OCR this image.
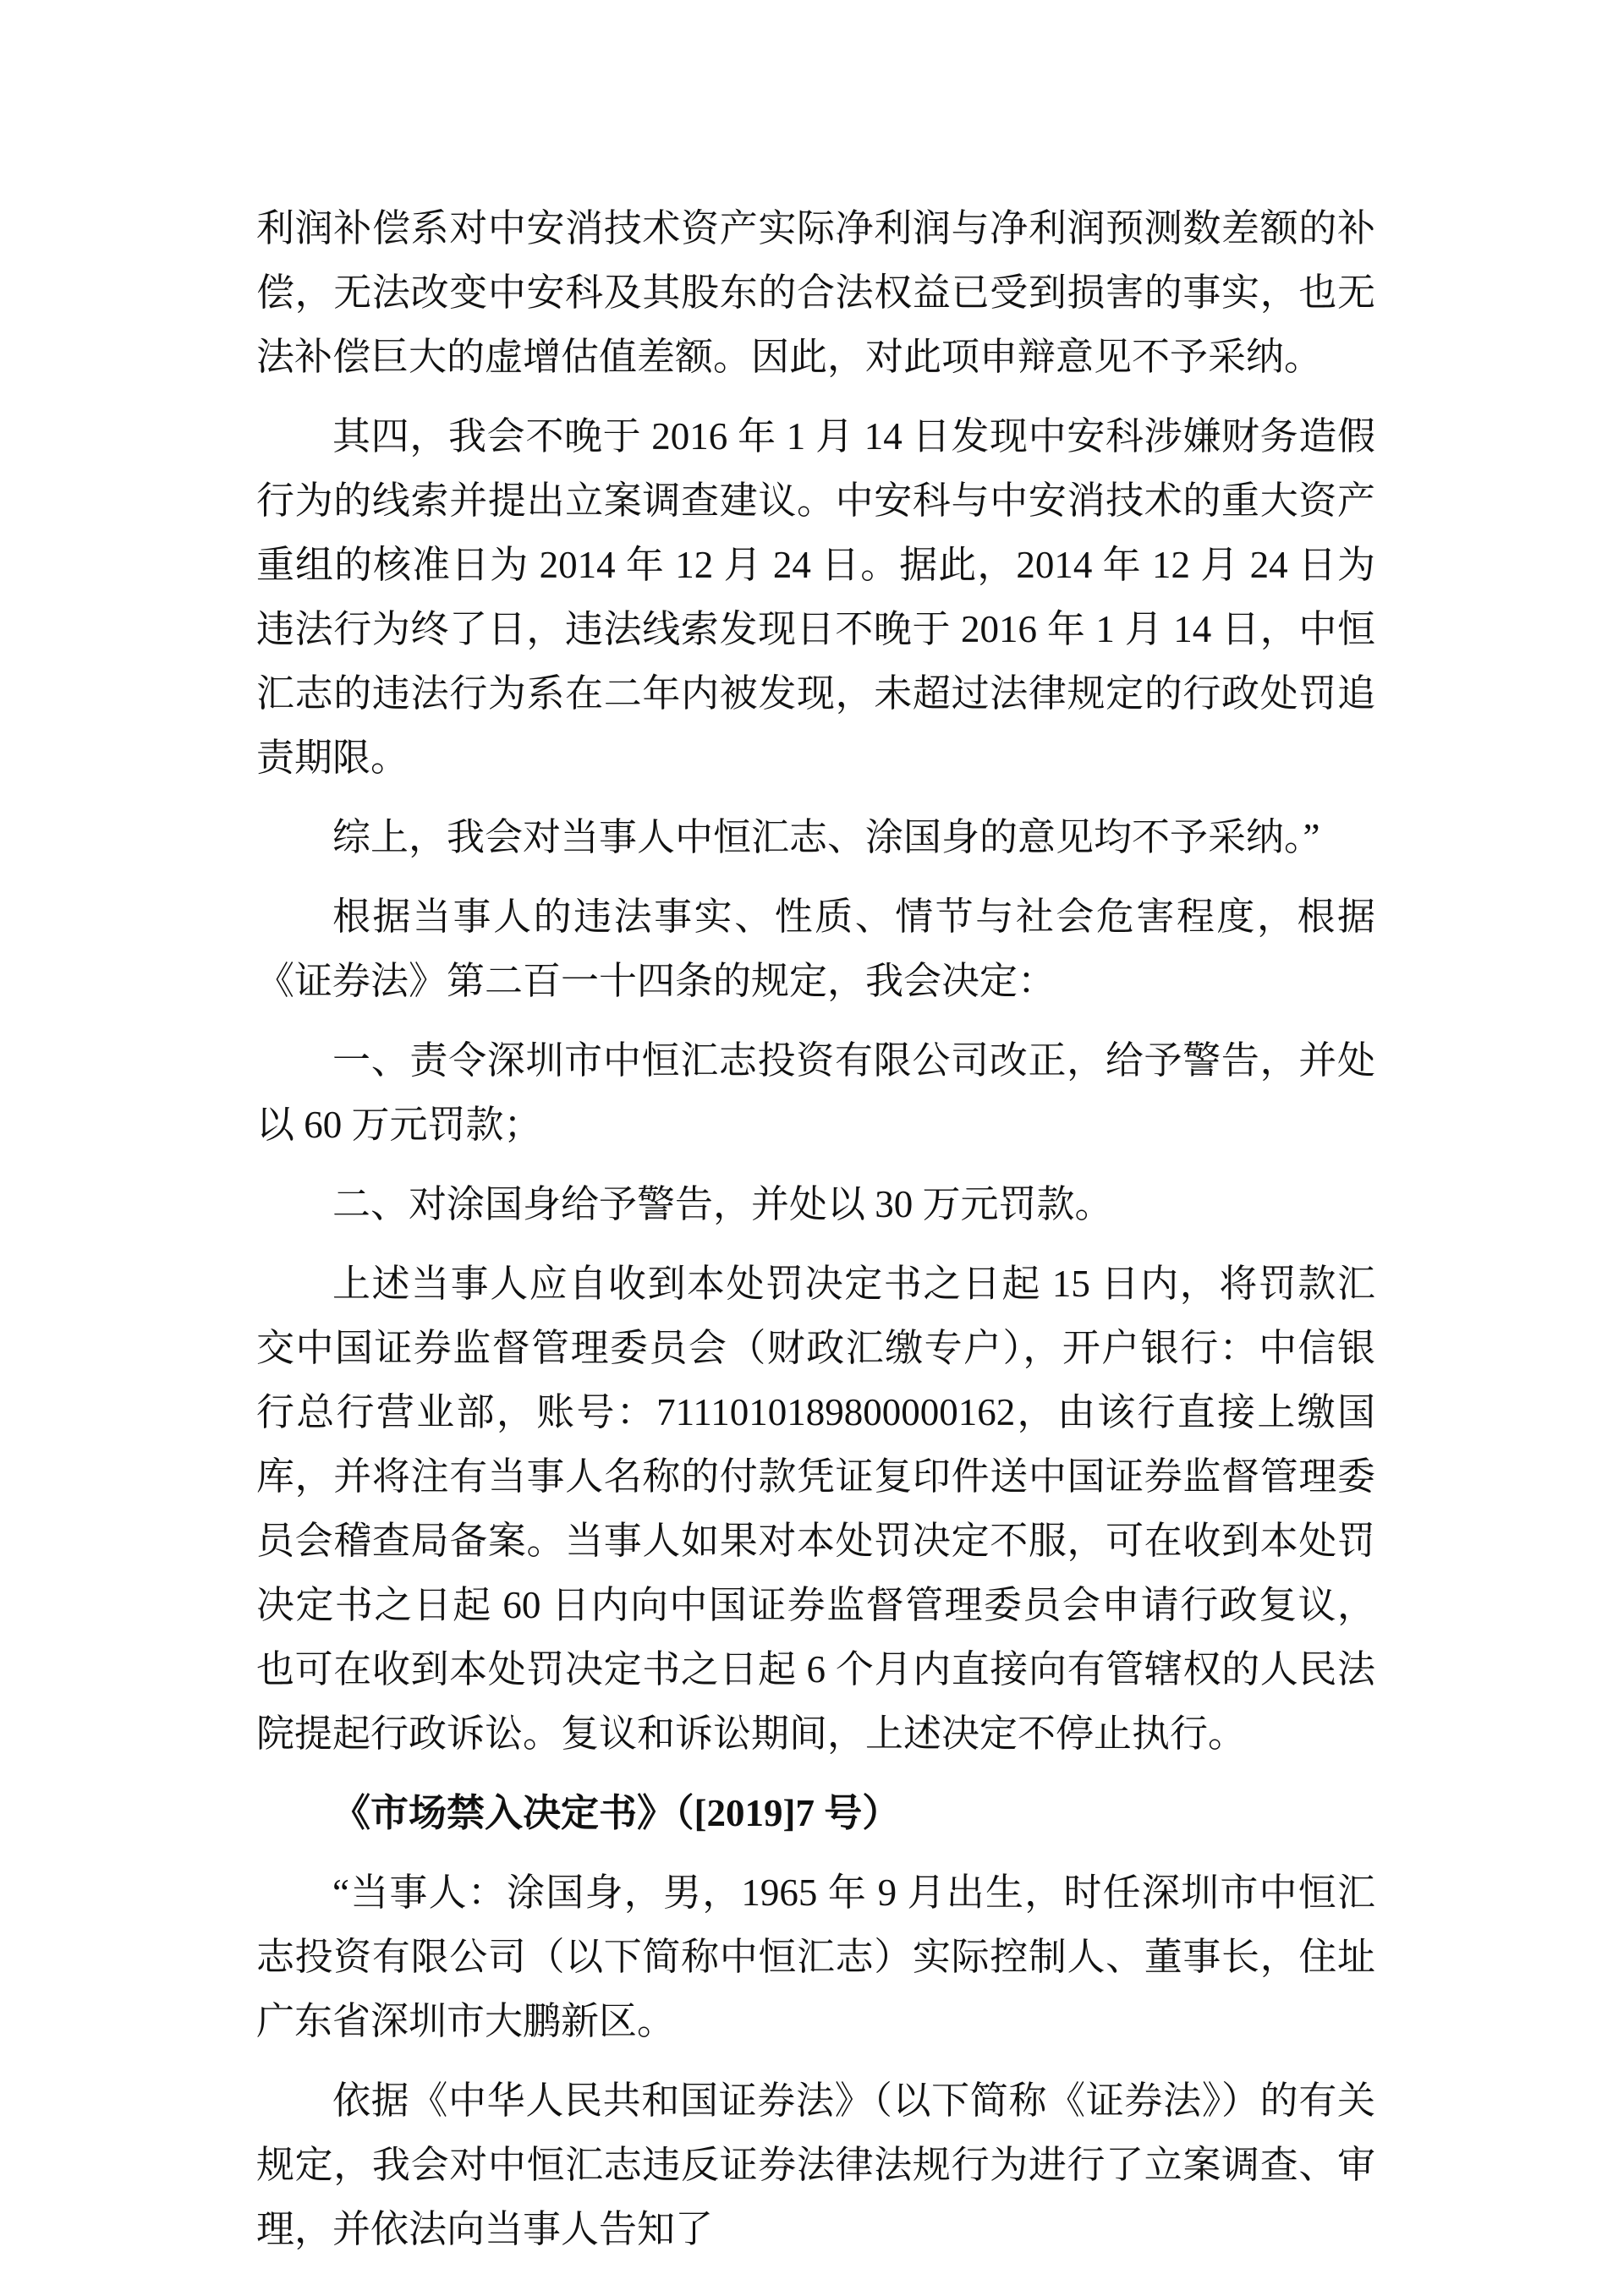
利润补偿系对中安消技术资产实际净利润与净利润预测数差额的补偿，无法改变中安科及其股东的合法权益已受到损害的事实，也无法补偿巨大的虚增估值差额。因此，对此项申辩意见不予采纳。

其四，我会不晚于 2016 年 1 月 14 日发现中安科涉嫌财务造假行为的线索并提出立案调查建议。中安科与中安消技术的重大资产重组的核准日为 2014 年 12 月 24 日。据此，2014 年 12 月 24 日为违法行为终了日，违法线索发现日不晚于 2016 年 1 月 14 日，中恒汇志的违法行为系在二年内被发现，未超过法律规定的行政处罚追责期限。

综上，我会对当事人中恒汇志、涂国身的意见均不予采纳。”

根据当事人的违法事实、性质、情节与社会危害程度，根据《证券法》第二百一十四条的规定，我会决定：

一、责令深圳市中恒汇志投资有限公司改正，给予警告，并处以 60 万元罚款；

二、对涂国身给予警告，并处以 30 万元罚款。

上述当事人应自收到本处罚决定书之日起 15 日内，将罚款汇交中国证券监督管理委员会（财政汇缴专户），开户银行：中信银行总行营业部，账号：7111010189800000162，由该行直接上缴国库，并将注有当事人名称的付款凭证复印件送中国证券监督管理委员会稽查局备案。当事人如果对本处罚决定不服，可在收到本处罚决定书之日起 60 日内向中国证券监督管理委员会申请行政复议，也可在收到本处罚决定书之日起 6 个月内直接向有管辖权的人民法院提起行政诉讼。复议和诉讼期间，上述决定不停止执行。

《市场禁入决定书》（[2019]7 号）

“当事人：涂国身，男，1965 年 9 月出生，时任深圳市中恒汇志投资有限公司（以下简称中恒汇志）实际控制人、董事长，住址广东省深圳市大鹏新区。

依据《中华人民共和国证券法》（以下简称《证券法》）的有关规定，我会对中恒汇志违反证券法律法规行为进行了立案调查、审理，并依法向当事人告知了
